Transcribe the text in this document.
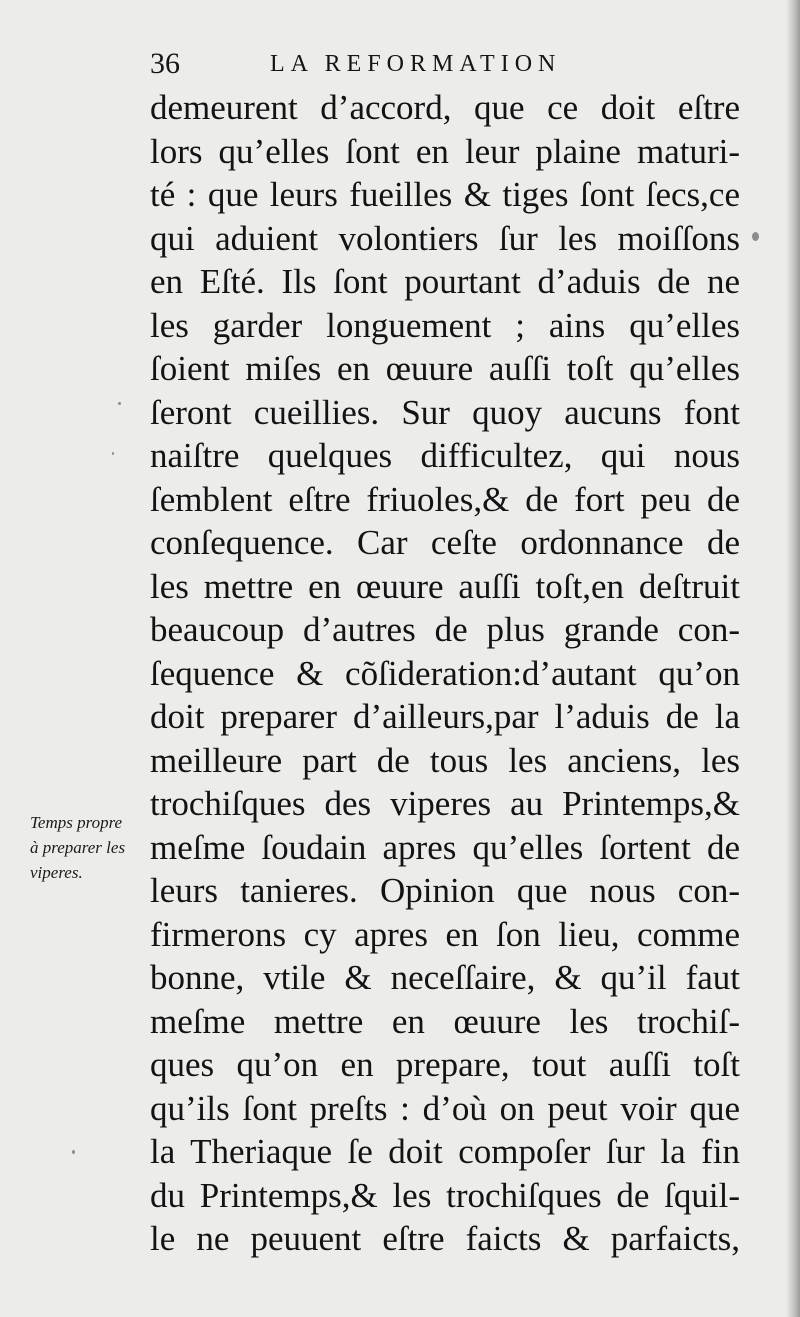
36	LA REFORMATION
demeurent d’accord, que ce doit eſtre
lors qu’elles ſont en leur plaine maturi-
té : que leurs fueilles & tiges ſont ſecs,ce
qui aduient volontiers ſur les moiſſons
en Eſté. Ils ſont pourtant d’aduis de ne
les garder longuement ; ains qu’elles
ſoient miſes en œuure auſſi toſt qu’elles
ſeront cueillies. Sur quoy aucuns font
naiſtre quelques difficultez, qui nous
ſemblent eſtre friuoles,& de fort peu de
conſequence. Car ceſte ordonnance de
les mettre en œuure auſſi toſt,en deſtruit
beaucoup d’autres de plus grande con-
ſequence & cõſideration:d’autant qu’on
doit preparer d’ailleurs,par l’aduis de la
meilleure part de tous les anciens, les
trochiſques des viperes au Printemps,&
meſme ſoudain apres qu’elles ſortent de
leurs tanieres. Opinion que nous con-
firmerons cy apres en ſon lieu, comme
bonne, vtile & neceſſaire, & qu’il faut
meſme mettre en œuure les trochiſ-
ques qu’on en prepare, tout auſſi toſt
qu’ils ſont preſts : d’où on peut voir que
la Theriaque ſe doit compoſer ſur la fin
du Printemps,& les trochiſques de ſquil-
le ne peuuent eſtre faicts & parfaicts,
Temps propre
à preparer les
viperes.
